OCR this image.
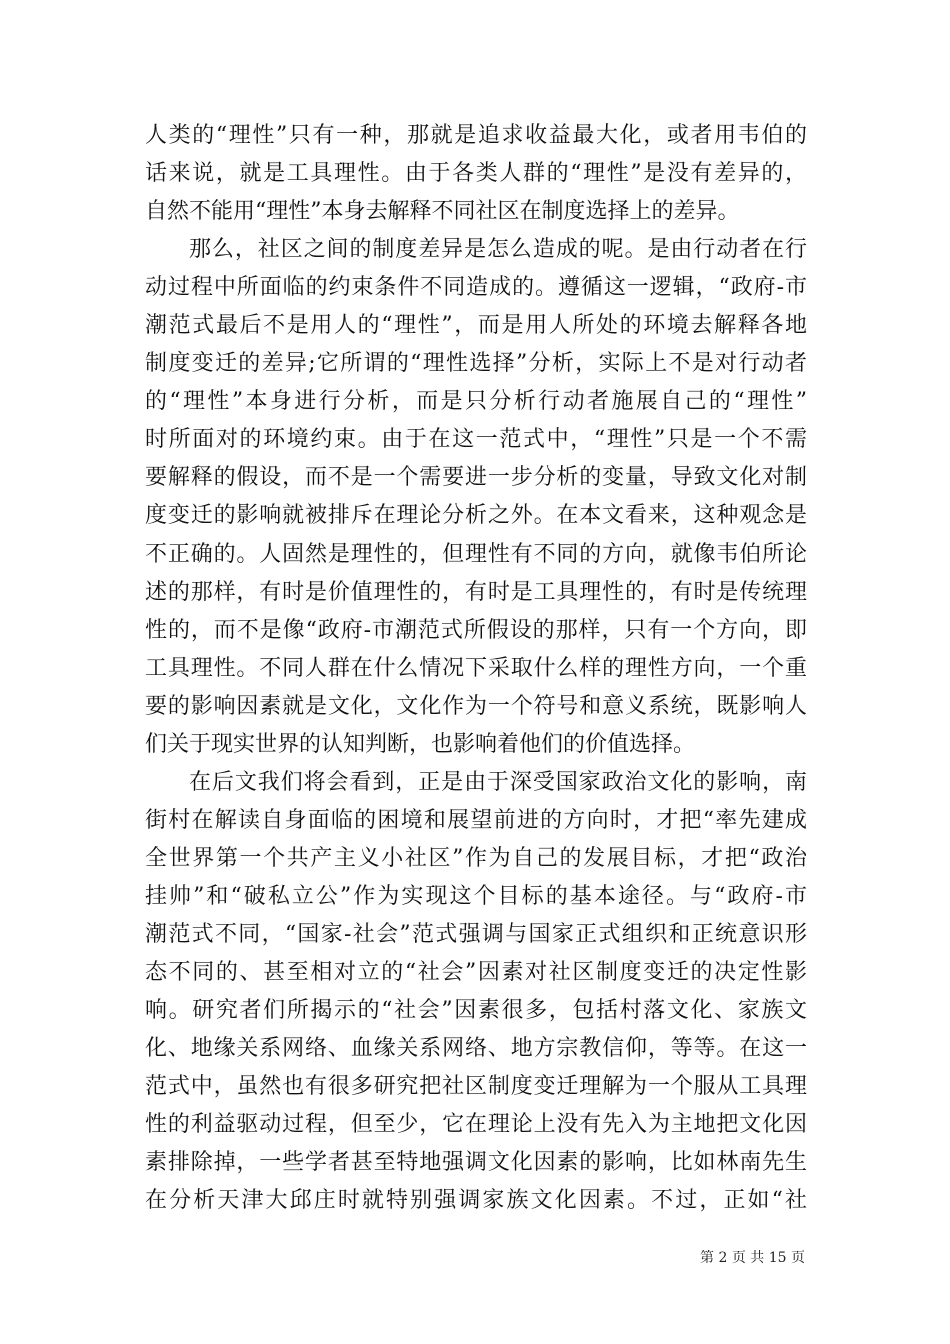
人类的“理性”只有一种，那就是追求收益最大化，或者用韦伯的
话来说，就是工具理性。由于各类人群的“理性”是没有差异的，
自然不能用“理性”本身去解释不同社区在制度选择上的差异。
那么，社区之间的制度差异是怎么造成的呢。是由行动者在行
动过程中所面临的约束条件不同造成的。遵循这一逻辑，“政府-市
潮范式最后不是用人的“理性”，而是用人所处的环境去解释各地
制度变迁的差异;它所谓的“理性选择”分析，实际上不是对行动者
的“理性”本身进行分析，而是只分析行动者施展自己的“理性”
时所面对的环境约束。由于在这一范式中，“理性”只是一个不需
要解释的假设，而不是一个需要进一步分析的变量，导致文化对制
度变迁的影响就被排斥在理论分析之外。在本文看来，这种观念是
不正确的。人固然是理性的，但理性有不同的方向，就像韦伯所论
述的那样，有时是价值理性的，有时是工具理性的，有时是传统理
性的，而不是像“政府-市潮范式所假设的那样，只有一个方向，即
工具理性。不同人群在什么情况下采取什么样的理性方向，一个重
要的影响因素就是文化，文化作为一个符号和意义系统，既影响人
们关于现实世界的认知判断，也影响着他们的价值选择。
在后文我们将会看到，正是由于深受国家政治文化的影响，南
街村在解读自身面临的困境和展望前进的方向时，才把“率先建成
全世界第一个共产主义小社区”作为自己的发展目标，才把“政治
挂帅”和“破私立公”作为实现这个目标的基本途径。与“政府-市
潮范式不同，“国家-社会”范式强调与国家正式组织和正统意识形
态不同的、甚至相对立的“社会”因素对社区制度变迁的决定性影
响。研究者们所揭示的“社会”因素很多，包括村落文化、家族文
化、地缘关系网络、血缘关系网络、地方宗教信仰，等等。在这一
范式中，虽然也有很多研究把社区制度变迁理解为一个服从工具理
性的利益驱动过程，但至少，它在理论上没有先入为主地把文化因
素排除掉，一些学者甚至特地强调文化因素的影响，比如林南先生
在分析天津大邱庄时就特别强调家族文化因素。不过，正如“社
第 2 页 共 15 页
